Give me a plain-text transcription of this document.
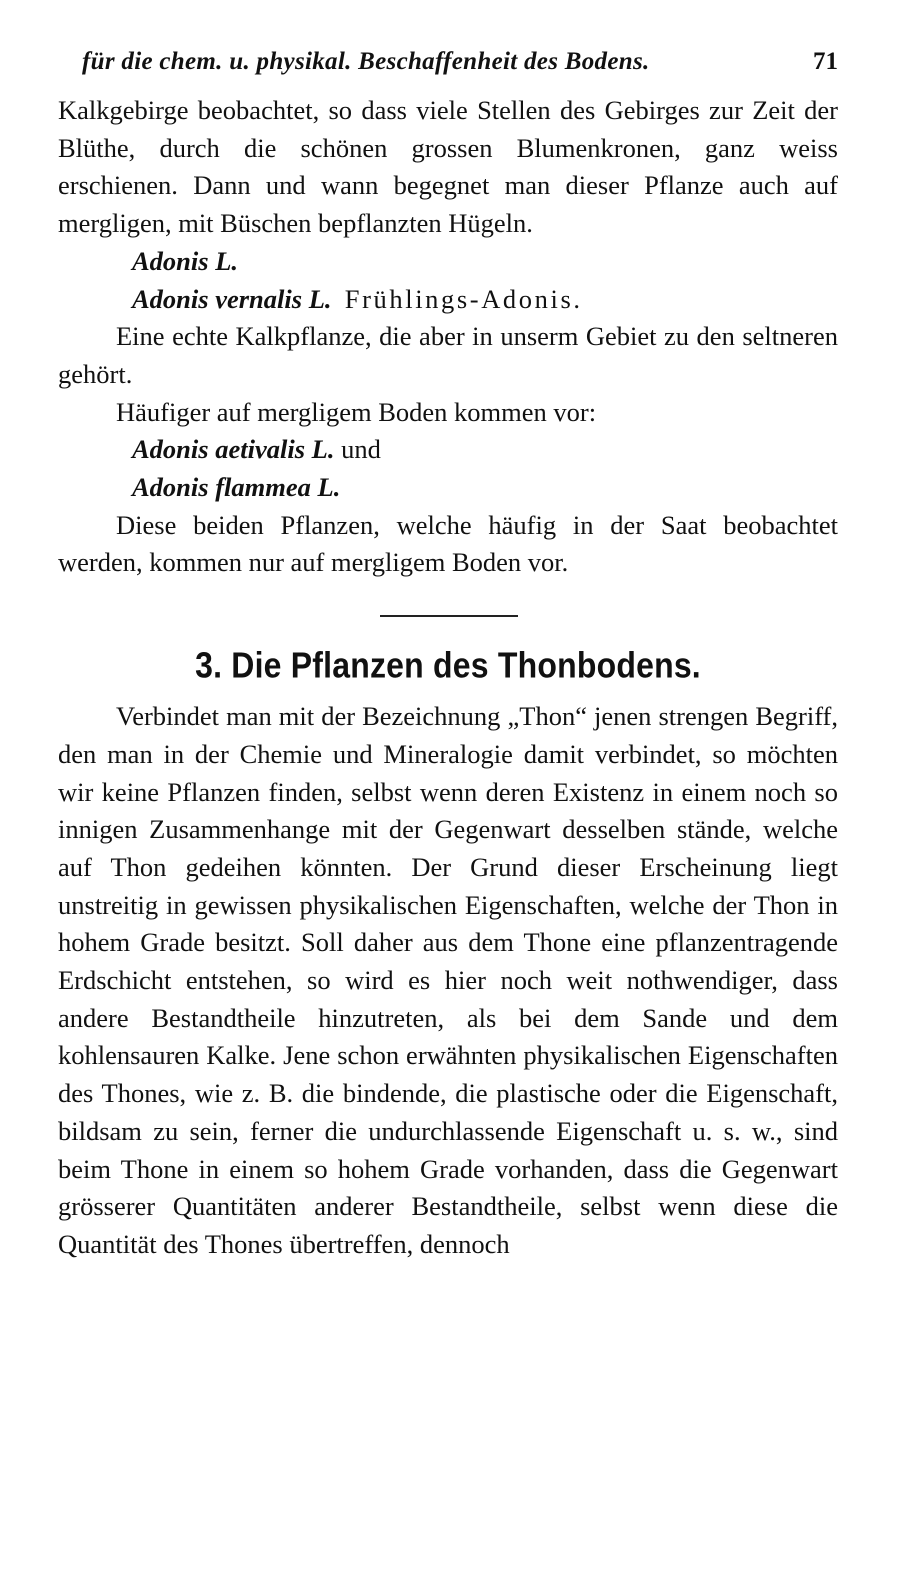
für die chem. u. physikal. Beschaffenheit des Bodens.	71

Kalkgebirge beobachtet, so dass viele Stellen des Gebirges zur Zeit der Blüthe, durch die schönen grossen Blumenkronen, ganz weiss erschienen. Dann und wann begegnet man dieser Pflanze auch auf mergligen, mit Büschen bepflanzten Hügeln.

Adonis L.

Adonis vernalis L. Frühlings-Adonis.

Eine echte Kalkpflanze, die aber in unserm Gebiet zu den seltneren gehört.

Häufiger auf mergligem Boden kommen vor:

Adonis aetivalis L. und

Adonis flammea L.

Diese beiden Pflanzen, welche häufig in der Saat beobachtet werden, kommen nur auf mergligem Boden vor.

3. Die Pflanzen des Thonbodens.

Verbindet man mit der Bezeichnung „Thon“ jenen strengen Begriff, den man in der Chemie und Mineralogie damit verbindet, so möchten wir keine Pflanzen finden, selbst wenn deren Existenz in einem noch so innigen Zusammenhange mit der Gegenwart desselben stände, welche auf Thon gedeihen könnten. Der Grund dieser Erscheinung liegt unstreitig in gewissen physikalischen Eigenschaften, welche der Thon in hohem Grade besitzt. Soll daher aus dem Thone eine pflanzentragende Erdschicht entstehen, so wird es hier noch weit nothwendiger, dass andere Bestandtheile hinzutreten, als bei dem Sande und dem kohlensauren Kalke. Jene schon erwähnten physikalischen Eigenschaften des Thones, wie z. B. die bindende, die plastische oder die Eigenschaft, bildsam zu sein, ferner die undurchlassende Eigenschaft u. s. w., sind beim Thone in einem so hohem Grade vorhanden, dass die Gegenwart grösserer Quantitäten anderer Bestandtheile, selbst wenn diese die Quantität des Thones übertreffen, dennoch
